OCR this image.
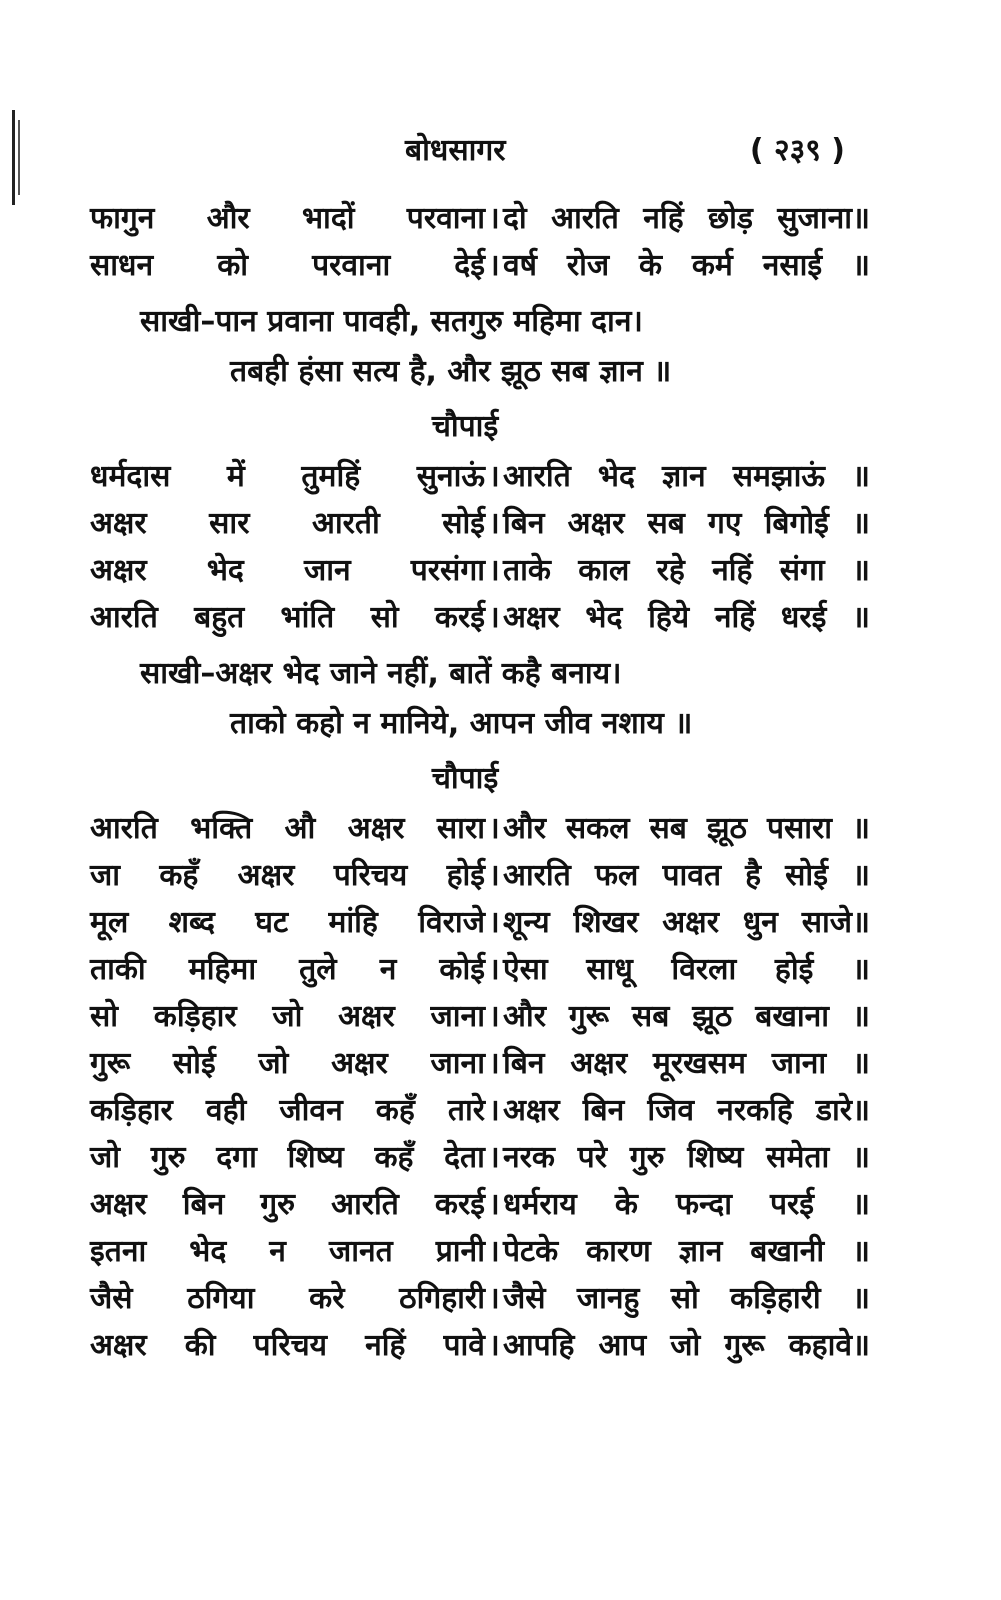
बोधसागर	( २३९ )
फागुन और भादों परवाना । दो आरति नहिं छोड़ सुजाना॥
साधन को परवाना देई । वर्ष रोज के कर्म नसाई ॥
साखी–पान प्रवाना पावही, सतगुरु महिमा दान।
तबही हंसा सत्य है, और झूठ सब ज्ञान ॥
चौपाई
धर्मदास में तुमहिं सुनाऊं । आरति भेद ज्ञान समझाऊं ॥
अक्षर सार आरती सोई । बिन अक्षर सब गए बिगोई ॥
अक्षर भेद जान परसंगा । ताके काल रहे नहिं संगा ॥
आरति बहुत भांति सो करई । अक्षर भेद हिये नहिं धरई ॥
साखी–अक्षर भेद जाने नहीं, बातें कहै बनाय।
ताको कहो न मानिये, आपन जीव नशाय ॥
चौपाई
आरति भक्ति औ अक्षर सारा । और सकल सब झूठ पसारा ॥
जा कहँ अक्षर परिचय होई । आरति फल पावत है सोई ॥
मूल शब्द घट मांहि विराजे । शून्य शिखर अक्षर धुन साजे॥
ताकी महिमा तुले न कोई । ऐसा साधू विरला होई ॥
सो कड़िहार जो अक्षर जाना । और गुरू सब झूठ बखाना ॥
गुरू सोई जो अक्षर जाना । बिन अक्षर मूरखसम जाना ॥
कड़िहार वही जीवन कहँ तारे । अक्षर बिन जिव नरकहि डारे॥
जो गुरु दगा शिष्य कहँ देता । नरक परे गुरु शिष्य समेता ॥
अक्षर बिन गुरु आरति करई । धर्मराय के फन्दा परई ॥
इतना भेद न जानत प्रानी । पेटके कारण ज्ञान बखानी ॥
जैसे ठगिया करे ठगिहारी । जैसे जानहु सो कड़िहारी ॥
अक्षर की परिचय नहिं पावे । आपहि आप जो गुरू कहावे॥
